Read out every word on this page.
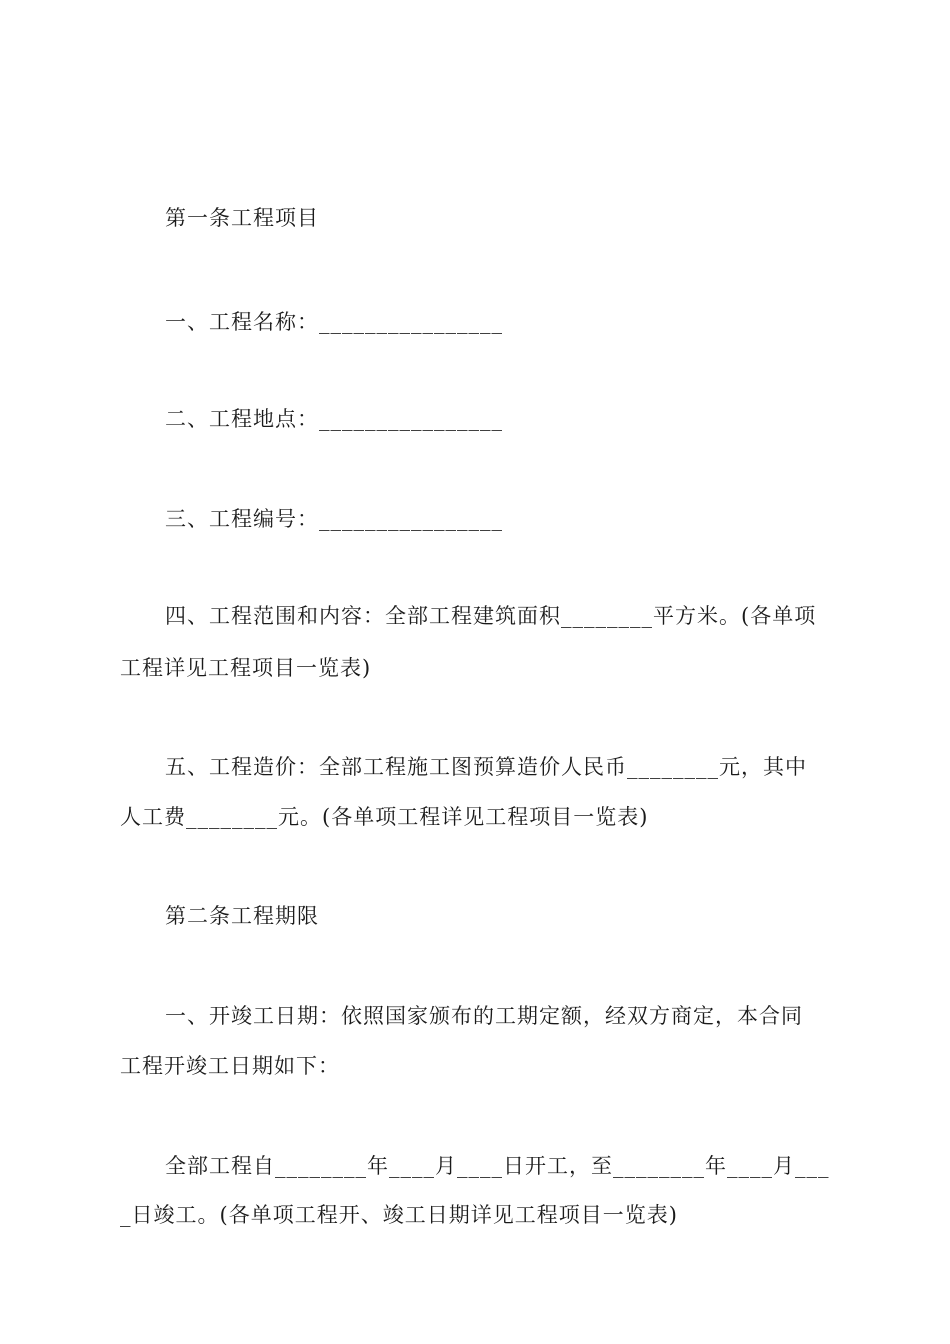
第一条工程项目
一、工程名称：________________
二、工程地点：________________
三、工程编号：________________
四、工程范围和内容：全部工程建筑面积________平方米。(各单项
工程详见工程项目一览表)
五、工程造价：全部工程施工图预算造价人民币________元，其中
人工费________元。(各单项工程详见工程项目一览表)
第二条工程期限
一、开竣工日期：依照国家颁布的工期定额，经双方商定，本合同
工程开竣工日期如下：
全部工程自________年____月____日开工，至________年____月___
_日竣工。(各单项工程开、竣工日期详见工程项目一览表)
